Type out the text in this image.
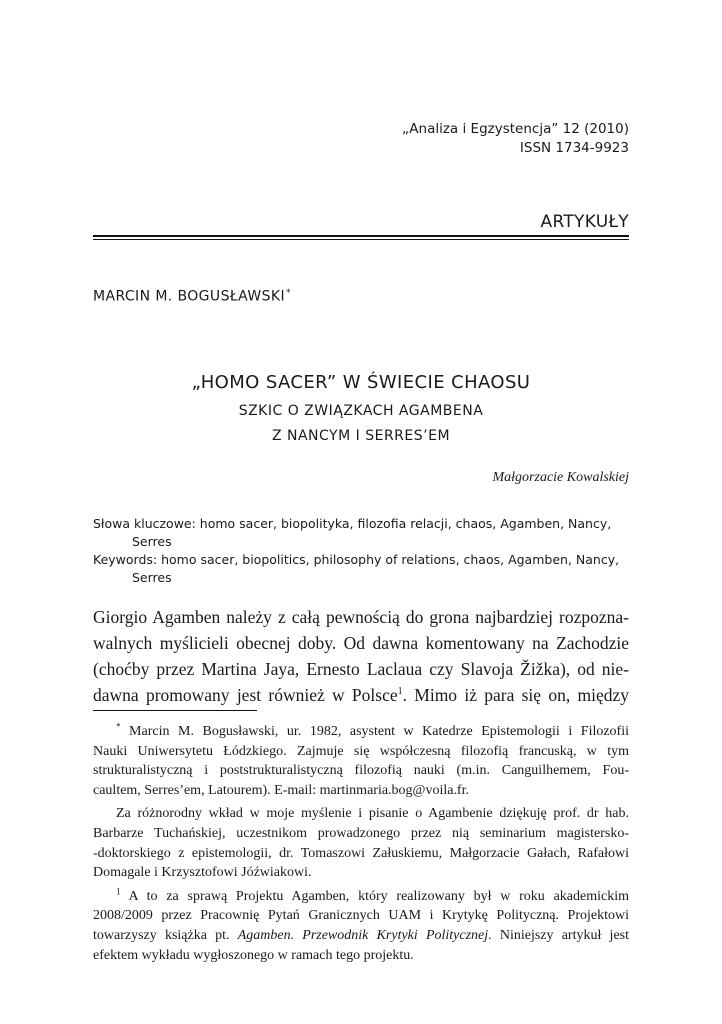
„Analiza i Egzystencja” 12 (2010)
ISSN 1734-9923
ARTYKUŁY
MARCIN M. BOGUSŁAWSKI*
„HOMO SACER” W ŚWIECIE CHAOSU
SZKIC O ZWIĄZKACH AGAMBENA
Z NANCYM I SERRES’EM
Małgorzacie Kowalskiej
Słowa kluczowe: homo sacer, biopolityka, filozofia relacji, chaos, Agamben, Nancy,
Serres
Keywords: homo sacer, biopolitics, philosophy of relations, chaos, Agamben, Nancy,
Serres
Giorgio Agamben należy z całą pewnością do grona najbardziej rozpozna-
walnych myślicieli obecnej doby. Od dawna komentowany na Zachodzie
(choćby przez Martina Jaya, Ernesto Laclaua czy Slavoja Žižka), od nie-
dawna promowany jest również w Polsce$^1$. Mimo iż para się on, między
* Marcin M. Bogusławski, ur. 1982, asystent w Katedrze Epistemologii i Filozofii
Nauki Uniwersytetu Łódzkiego. Zajmuje się współczesną filozofią francuską, w tym
strukturalistyczną i poststrukturalistyczną filozofią nauki (m.in. Canguilhemem, Fou-
caultem, Serres’em, Latourem). E-mail: martinmaria.bog@voila.fr.
Za różnorodny wkład w moje myślenie i pisanie o Agambenie dziękuję prof. dr hab.
Barbarze Tuchańskiej, uczestnikom prowadzonego przez nią seminarium magistersko-
-doktorskiego z epistemologii, dr. Tomaszowi Załuskiemu, Małgorzacie Gałach, Rafałowi
Domagale i Krzysztofowi Jóźwiakowi.
$^1$ A to za sprawą Projektu Agamben, który realizowany był w roku akademickim
2008/2009 przez Pracownię Pytań Granicznych UAM i Krytykę Polityczną. Projektowi
towarzyszy książka pt. Agamben. Przewodnik Krytyki Politycznej. Niniejszy artykuł jest
efektem wykładu wygłoszonego w ramach tego projektu.
